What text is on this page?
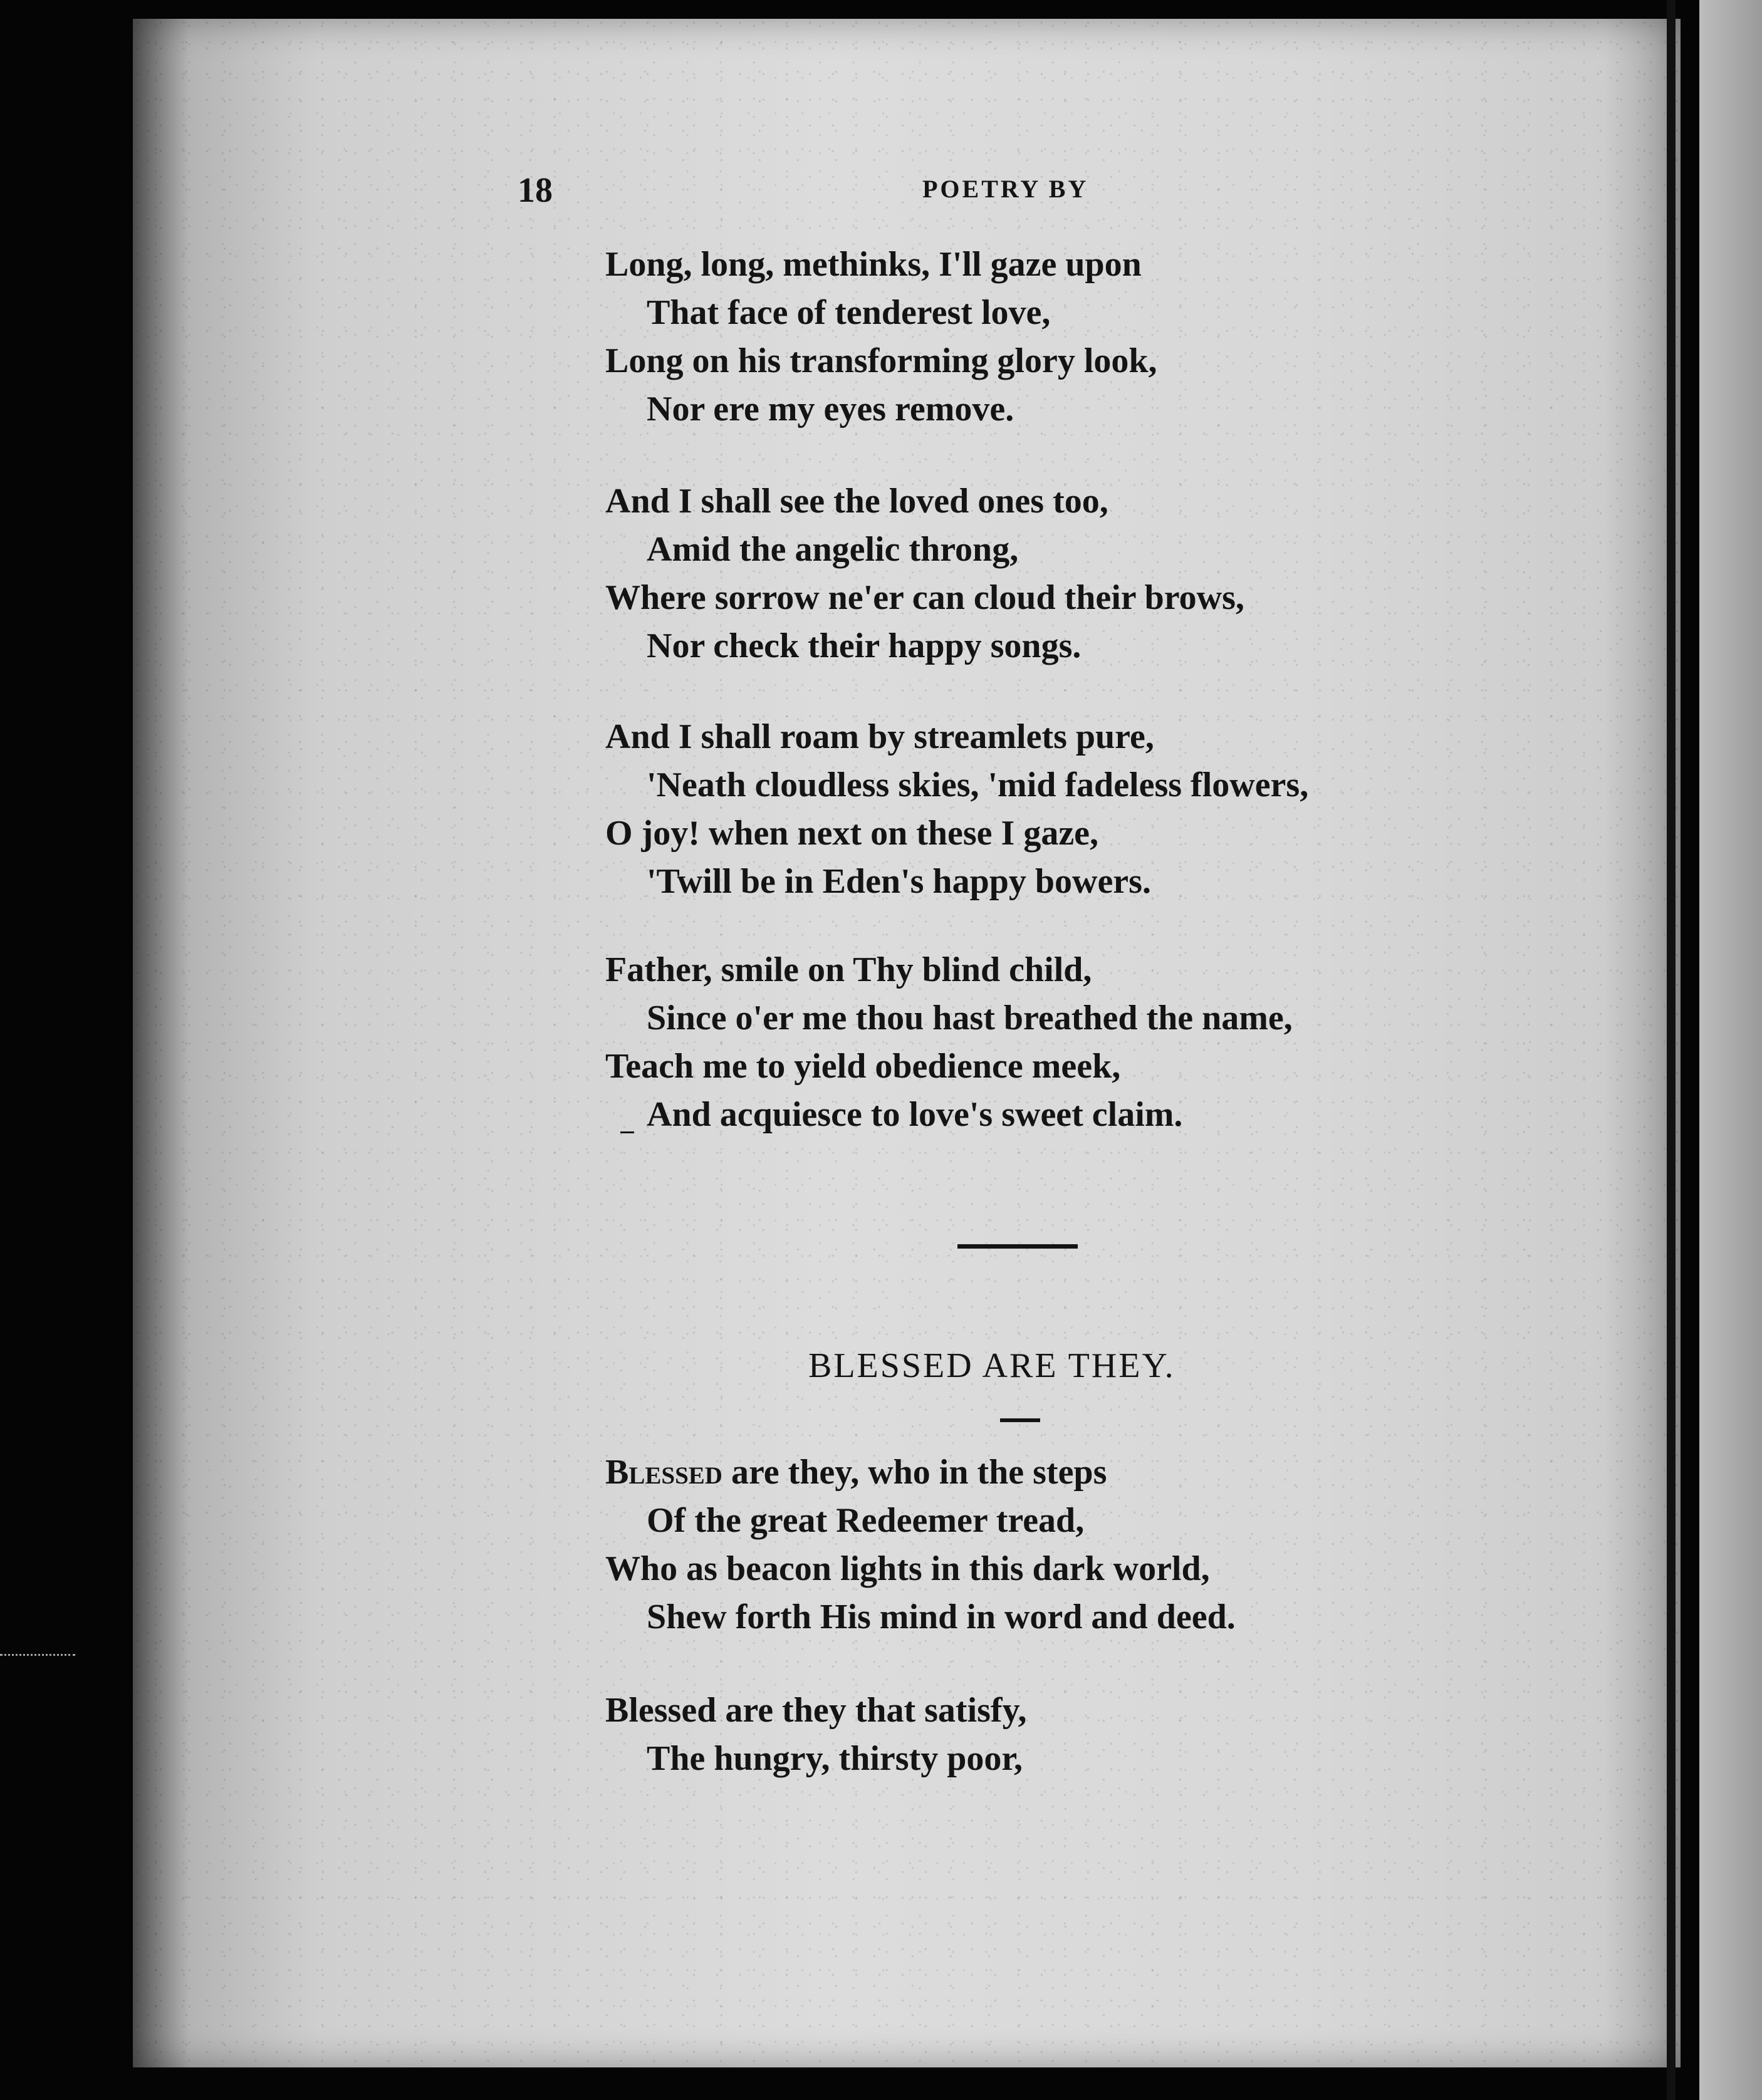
18	POETRY BY
Long, long, methinks, I'll gaze upon
That face of tenderest love,
Long on his transforming glory look,
Nor ere my eyes remove.
And I shall see the loved ones too,
Amid the angelic throng,
Where sorrow ne'er can cloud their brows,
Nor check their happy songs.
And I shall roam by streamlets pure,
'Neath cloudless skies, 'mid fadeless flowers,
O joy! when next on these I gaze,
'Twill be in Eden's happy bowers.
Father, smile on Thy blind child,
Since o'er me thou hast breathed the name,
Teach me to yield obedience meek,
And acquiesce to love's sweet claim.
BLESSED ARE THEY.
Blessed are they, who in the steps
Of the great Redeemer tread,
Who as beacon lights in this dark world,
Shew forth His mind in word and deed.
Blessed are they that satisfy,
The hungry, thirsty poor,
